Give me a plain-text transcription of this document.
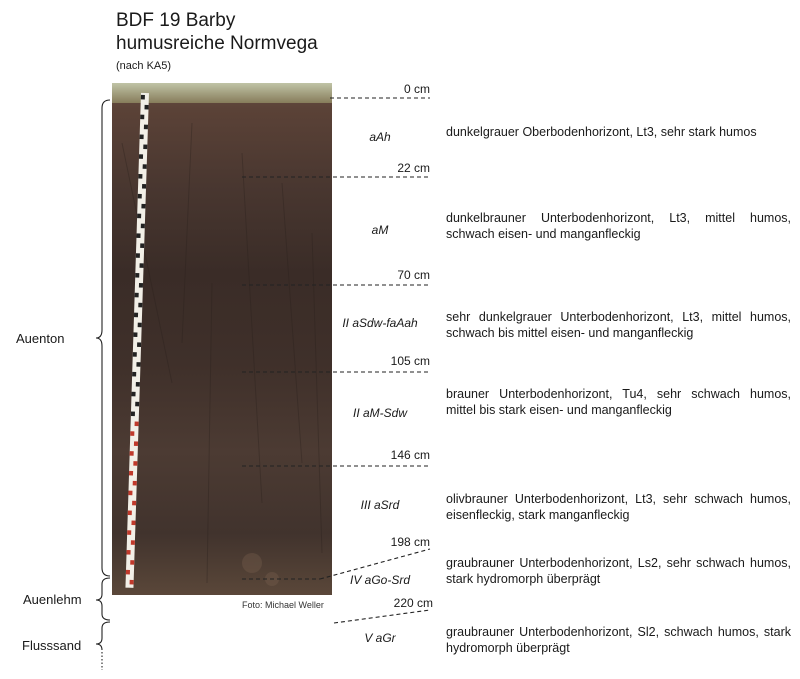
BDF 19 Barby
humusreiche Normvega
(nach KA5)
Foto: Michael Weller
Auenton
Auenlehm
Flusssand
0 cm
22 cm
70 cm
105 cm
146 cm
198 cm
220 cm
aAh
aM
II aSdw-faAah
II aM-Sdw
III aSrd
IV aGo-Srd
V aGr
dunkelgrauer Oberbodenhorizont, Lt3, sehr stark humos
dunkelbrauner Unterbodenhorizont, Lt3, mittel humos, schwach eisen- und manganfleckig
sehr dunkelgrauer Unterbodenhorizont, Lt3, mittel humos, schwach bis mittel eisen- und manganfleckig
brauner Unterbodenhorizont, Tu4, sehr schwach humos, mittel bis stark eisen- und manganfleckig
olivbrauner Unterbodenhorizont, Lt3, sehr schwach humos, eisenfleckig, stark manganfleckig
graubrauner Unterbodenhorizont, Ls2, sehr schwach humos, stark hydromorph überprägt
graubrauner Unterbodenhorizont, Sl2, schwach humos, stark hydromorph überprägt
